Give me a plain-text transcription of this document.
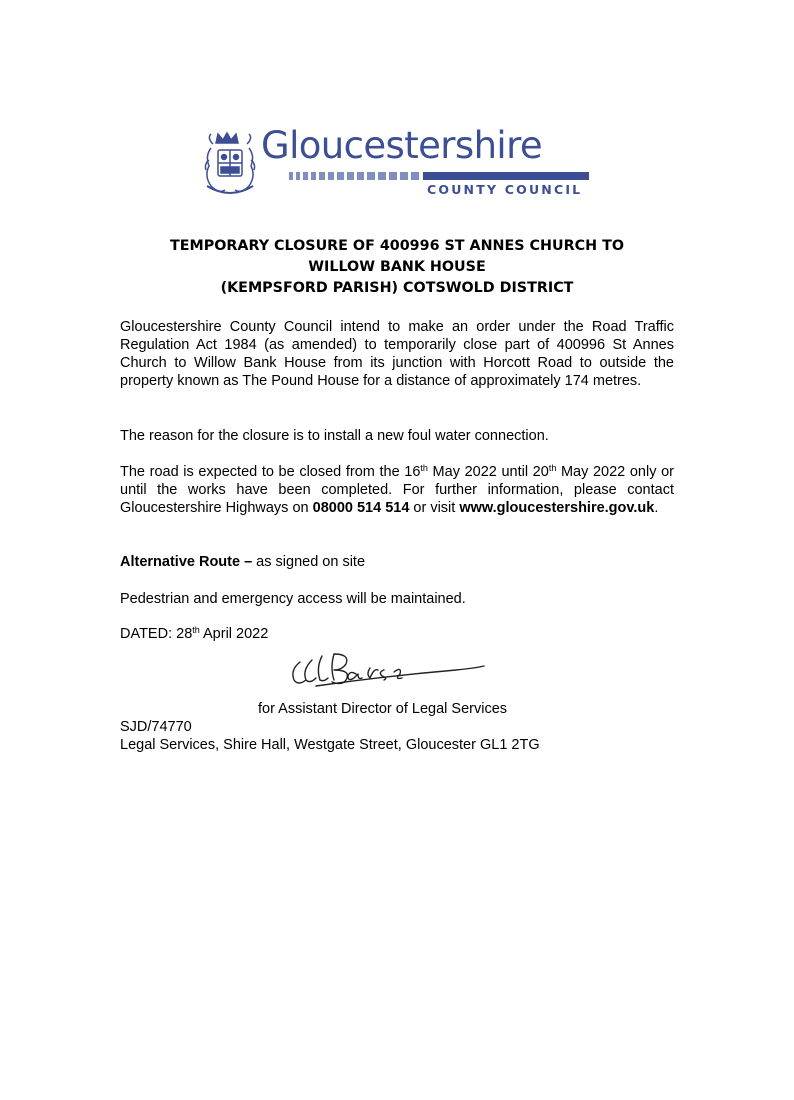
Gloucestershire
COUNTY COUNCIL
TEMPORARY CLOSURE OF 400996 ST ANNES CHURCH TO
WILLOW BANK HOUSE
(KEMPSFORD PARISH) COTSWOLD DISTRICT
Gloucestershire County Council intend to make an order under the Road Traffic Regulation Act 1984 (as amended) to temporarily close part of 400996 St Annes Church to Willow Bank House from its junction with Horcott Road to outside the property known as The Pound House for a distance of approximately 174 metres.
The reason for the closure is to install a new foul water connection.
The road is expected to be closed from the 16th May 2022 until 20th May 2022 only or until the works have been completed. For further information, please contact Gloucestershire Highways on 08000 514 514 or visit www.gloucestershire.gov.uk.
Alternative Route – as signed on site
Pedestrian and emergency access will be maintained.
DATED: 28th April 2022
for Assistant Director of Legal Services
SJD/74770
Legal Services, Shire Hall, Westgate Street, Gloucester GL1 2TG
